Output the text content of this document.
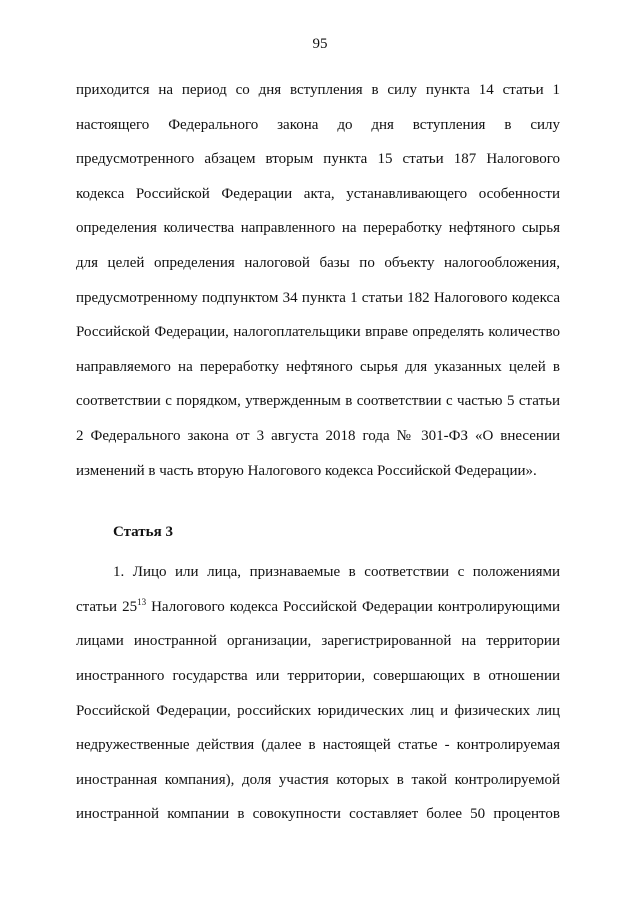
95
приходится на период со дня вступления в силу пункта 14 статьи 1
настоящего Федерального закона до дня вступления в силу
предусмотренного абзацем вторым пункта 15 статьи 187 Налогового
кодекса Российской Федерации акта, устанавливающего особенности
определения количества направленного на переработку нефтяного сырья
для целей определения налоговой базы по объекту налогообложения,
предусмотренному подпунктом 34 пункта 1 статьи 182 Налогового кодекса
Российской Федерации, налогоплательщики вправе определять количество
направляемого на переработку нефтяного сырья для указанных целей в
соответствии с порядком, утвержденным в соответствии с частью 5 статьи
2 Федерального закона от 3 августа 2018 года № 301-ФЗ «О внесении
изменений в часть вторую Налогового кодекса Российской Федерации».
Статья 3
1. Лицо или лица, признаваемые в соответствии с положениями
статьи $25^{13}$ Налогового кодекса Российской Федерации контролирующими
лицами иностранной организации, зарегистрированной на территории
иностранного государства или территории, совершающих в отношении
Российской Федерации, российских юридических лиц и физических лиц
недружественные действия (далее в настоящей статье - контролируемая
иностранная компания), доля участия которых в такой контролируемой
иностранной компании в совокупности составляет более 50 процентов
